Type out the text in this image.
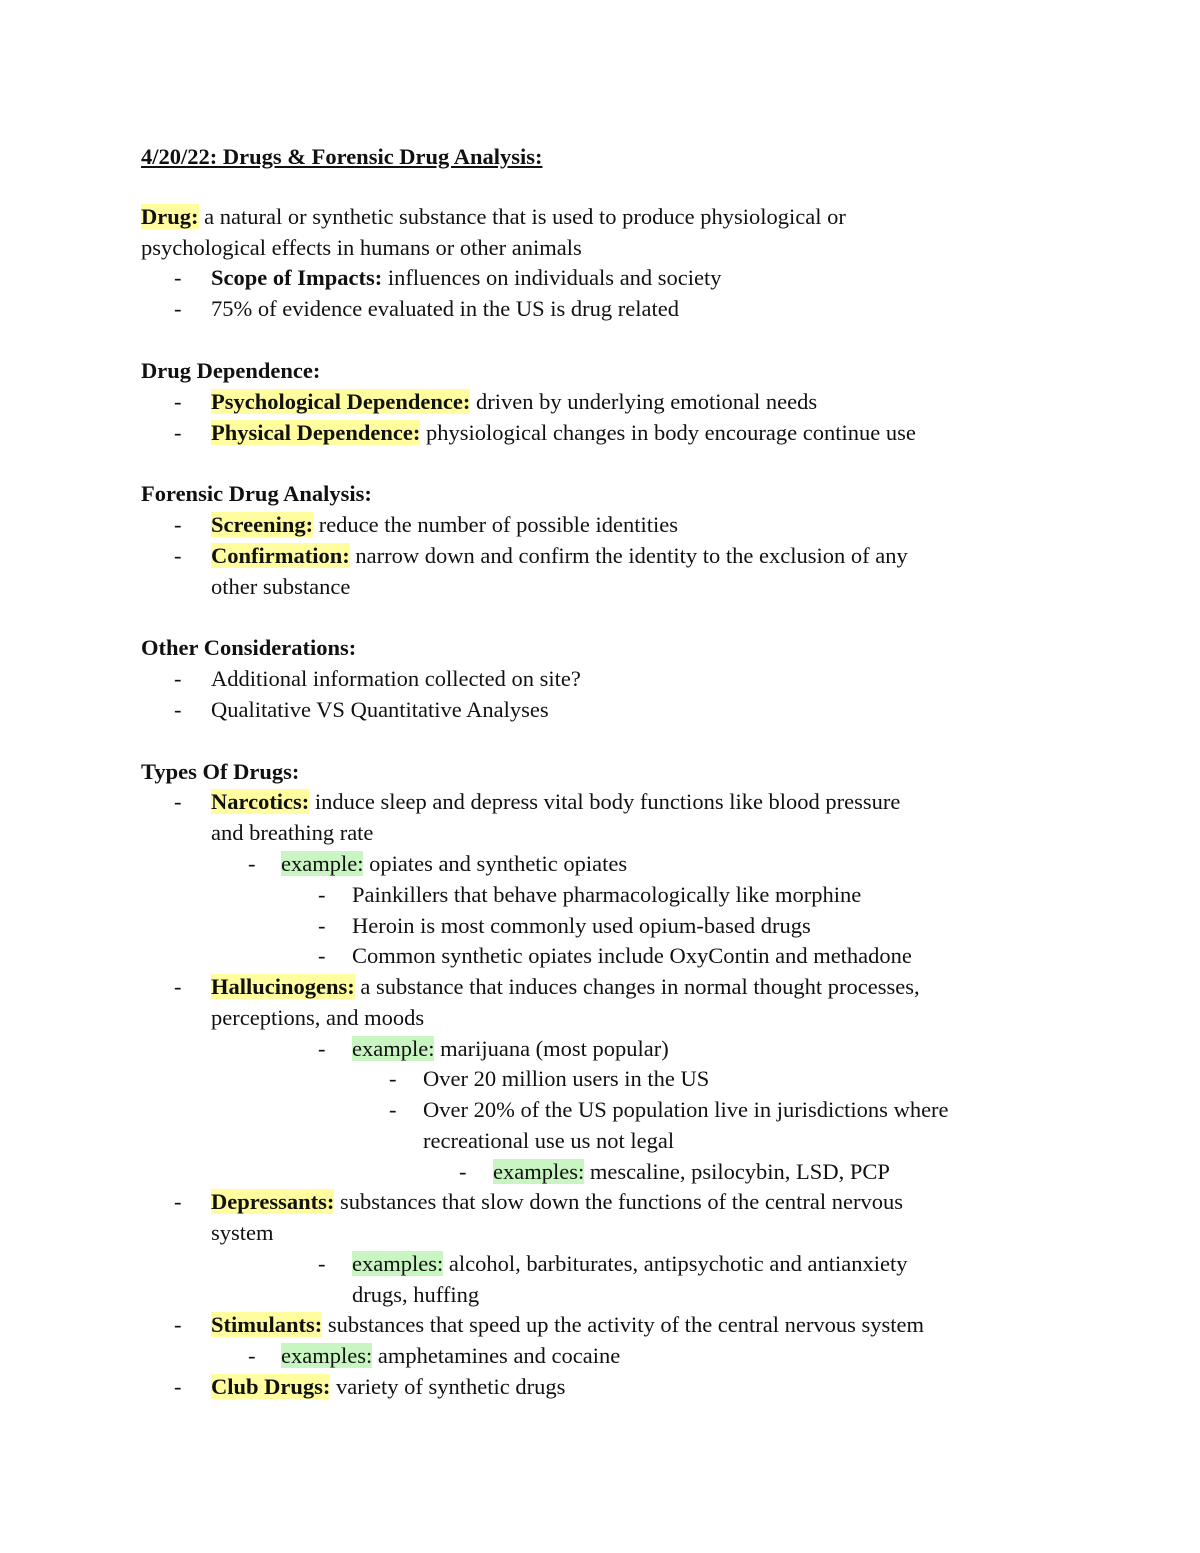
4/20/22: Drugs & Forensic Drug Analysis:
Drug: a natural or synthetic substance that is used to produce physiological or
psychological effects in humans or other animals
- Scope of Impacts: influences on individuals and society
- 75% of evidence evaluated in the US is drug related
Drug Dependence:
- Psychological Dependence: driven by underlying emotional needs
- Physical Dependence: physiological changes in body encourage continue use
Forensic Drug Analysis:
- Screening: reduce the number of possible identities
- Confirmation: narrow down and confirm the identity to the exclusion of any
other substance
Other Considerations:
- Additional information collected on site?
- Qualitative VS Quantitative Analyses
Types Of Drugs:
- Narcotics: induce sleep and depress vital body functions like blood pressure
and breathing rate
- example: opiates and synthetic opiates
- Painkillers that behave pharmacologically like morphine
- Heroin is most commonly used opium-based drugs
- Common synthetic opiates include OxyContin and methadone
- Hallucinogens: a substance that induces changes in normal thought processes,
perceptions, and moods
- example: marijuana (most popular)
- Over 20 million users in the US
- Over 20% of the US population live in jurisdictions where
recreational use us not legal
- examples: mescaline, psilocybin, LSD, PCP
- Depressants: substances that slow down the functions of the central nervous
system
- examples: alcohol, barbiturates, antipsychotic and antianxiety
drugs, huffing
- Stimulants: substances that speed up the activity of the central nervous system
- examples: amphetamines and cocaine
- Club Drugs: variety of synthetic drugs
